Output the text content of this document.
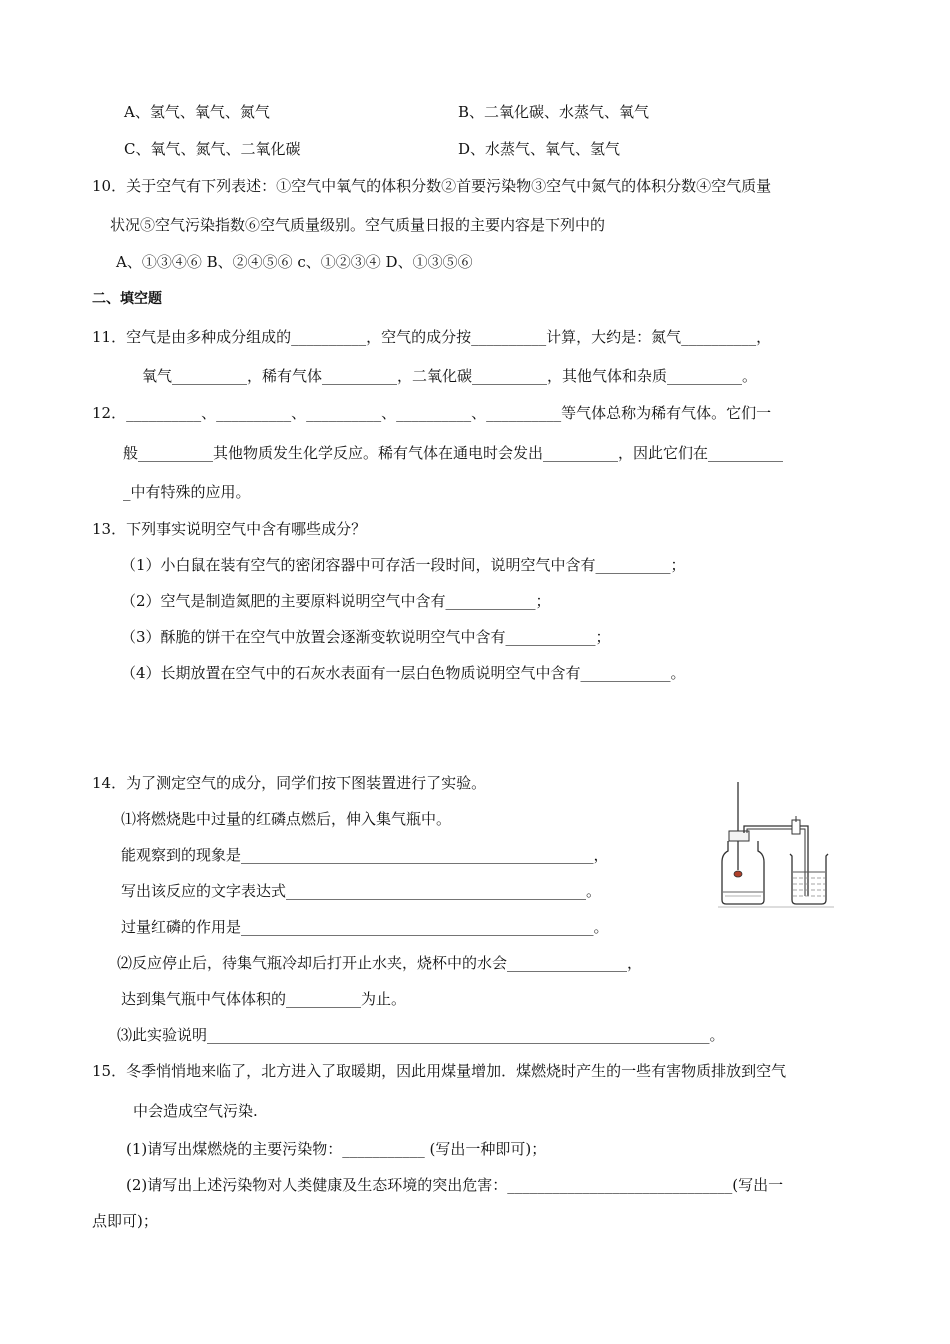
A、氢气、氧气、氮气	B、二氧化碳、水蒸气、氧气
C、氧气、氮气、二氧化碳	D、水蒸气、氧气、氢气
10．关于空气有下列表述：①空气中氧气的体积分数②首要污染物③空气中氮气的体积分数④空气质量
状况⑤空气污染指数⑥空气质量级别。空气质量日报的主要内容是下列中的
A、①③④⑥ B、②④⑤⑥ c、①②③④ D、①③⑤⑥
二、填空题
11．空气是由多种成分组成的__________，空气的成分按__________计算，大约是：氮气__________，
氧气__________，稀有气体__________，二氧化碳__________，其他气体和杂质__________。
12．__________、__________、__________、__________、__________等气体总称为稀有气体。它们一
般__________其他物质发生化学反应。稀有气体在通电时会发出__________，因此它们在__________
_中有特殊的应用。
13．下列事实说明空气中含有哪些成分？
（1）小白鼠在装有空气的密闭容器中可存活一段时间，说明空气中含有__________；
（2）空气是制造氮肥的主要原料说明空气中含有____________；
（3）酥脆的饼干在空气中放置会逐渐变软说明空气中含有____________；
（4）长期放置在空气中的石灰水表面有一层白色物质说明空气中含有____________。
14．为了测定空气的成分，同学们按下图装置进行了实验。
⑴将燃烧匙中过量的红磷点燃后，伸入集气瓶中。
能观察到的现象是_______________________________________________，
写出该反应的文字表达式________________________________________。
过量红磷的作用是_______________________________________________。
⑵反应停止后，待集气瓶冷却后打开止水夹，烧杯中的水会________________，
达到集气瓶中气体体积的__________为止。
⑶此实验说明___________________________________________________________________。
15．冬季悄悄地来临了，北方进入了取暖期，因此用煤量增加．煤燃烧时产生的一些有害物质排放到空气
中会造成空气污染.
(1)请写出煤燃烧的主要污染物：___________ (写出一种即可)；
(2)请写出上述污染物对人类健康及生态环境的突出危害：______________________________(写出一
点即可)；
